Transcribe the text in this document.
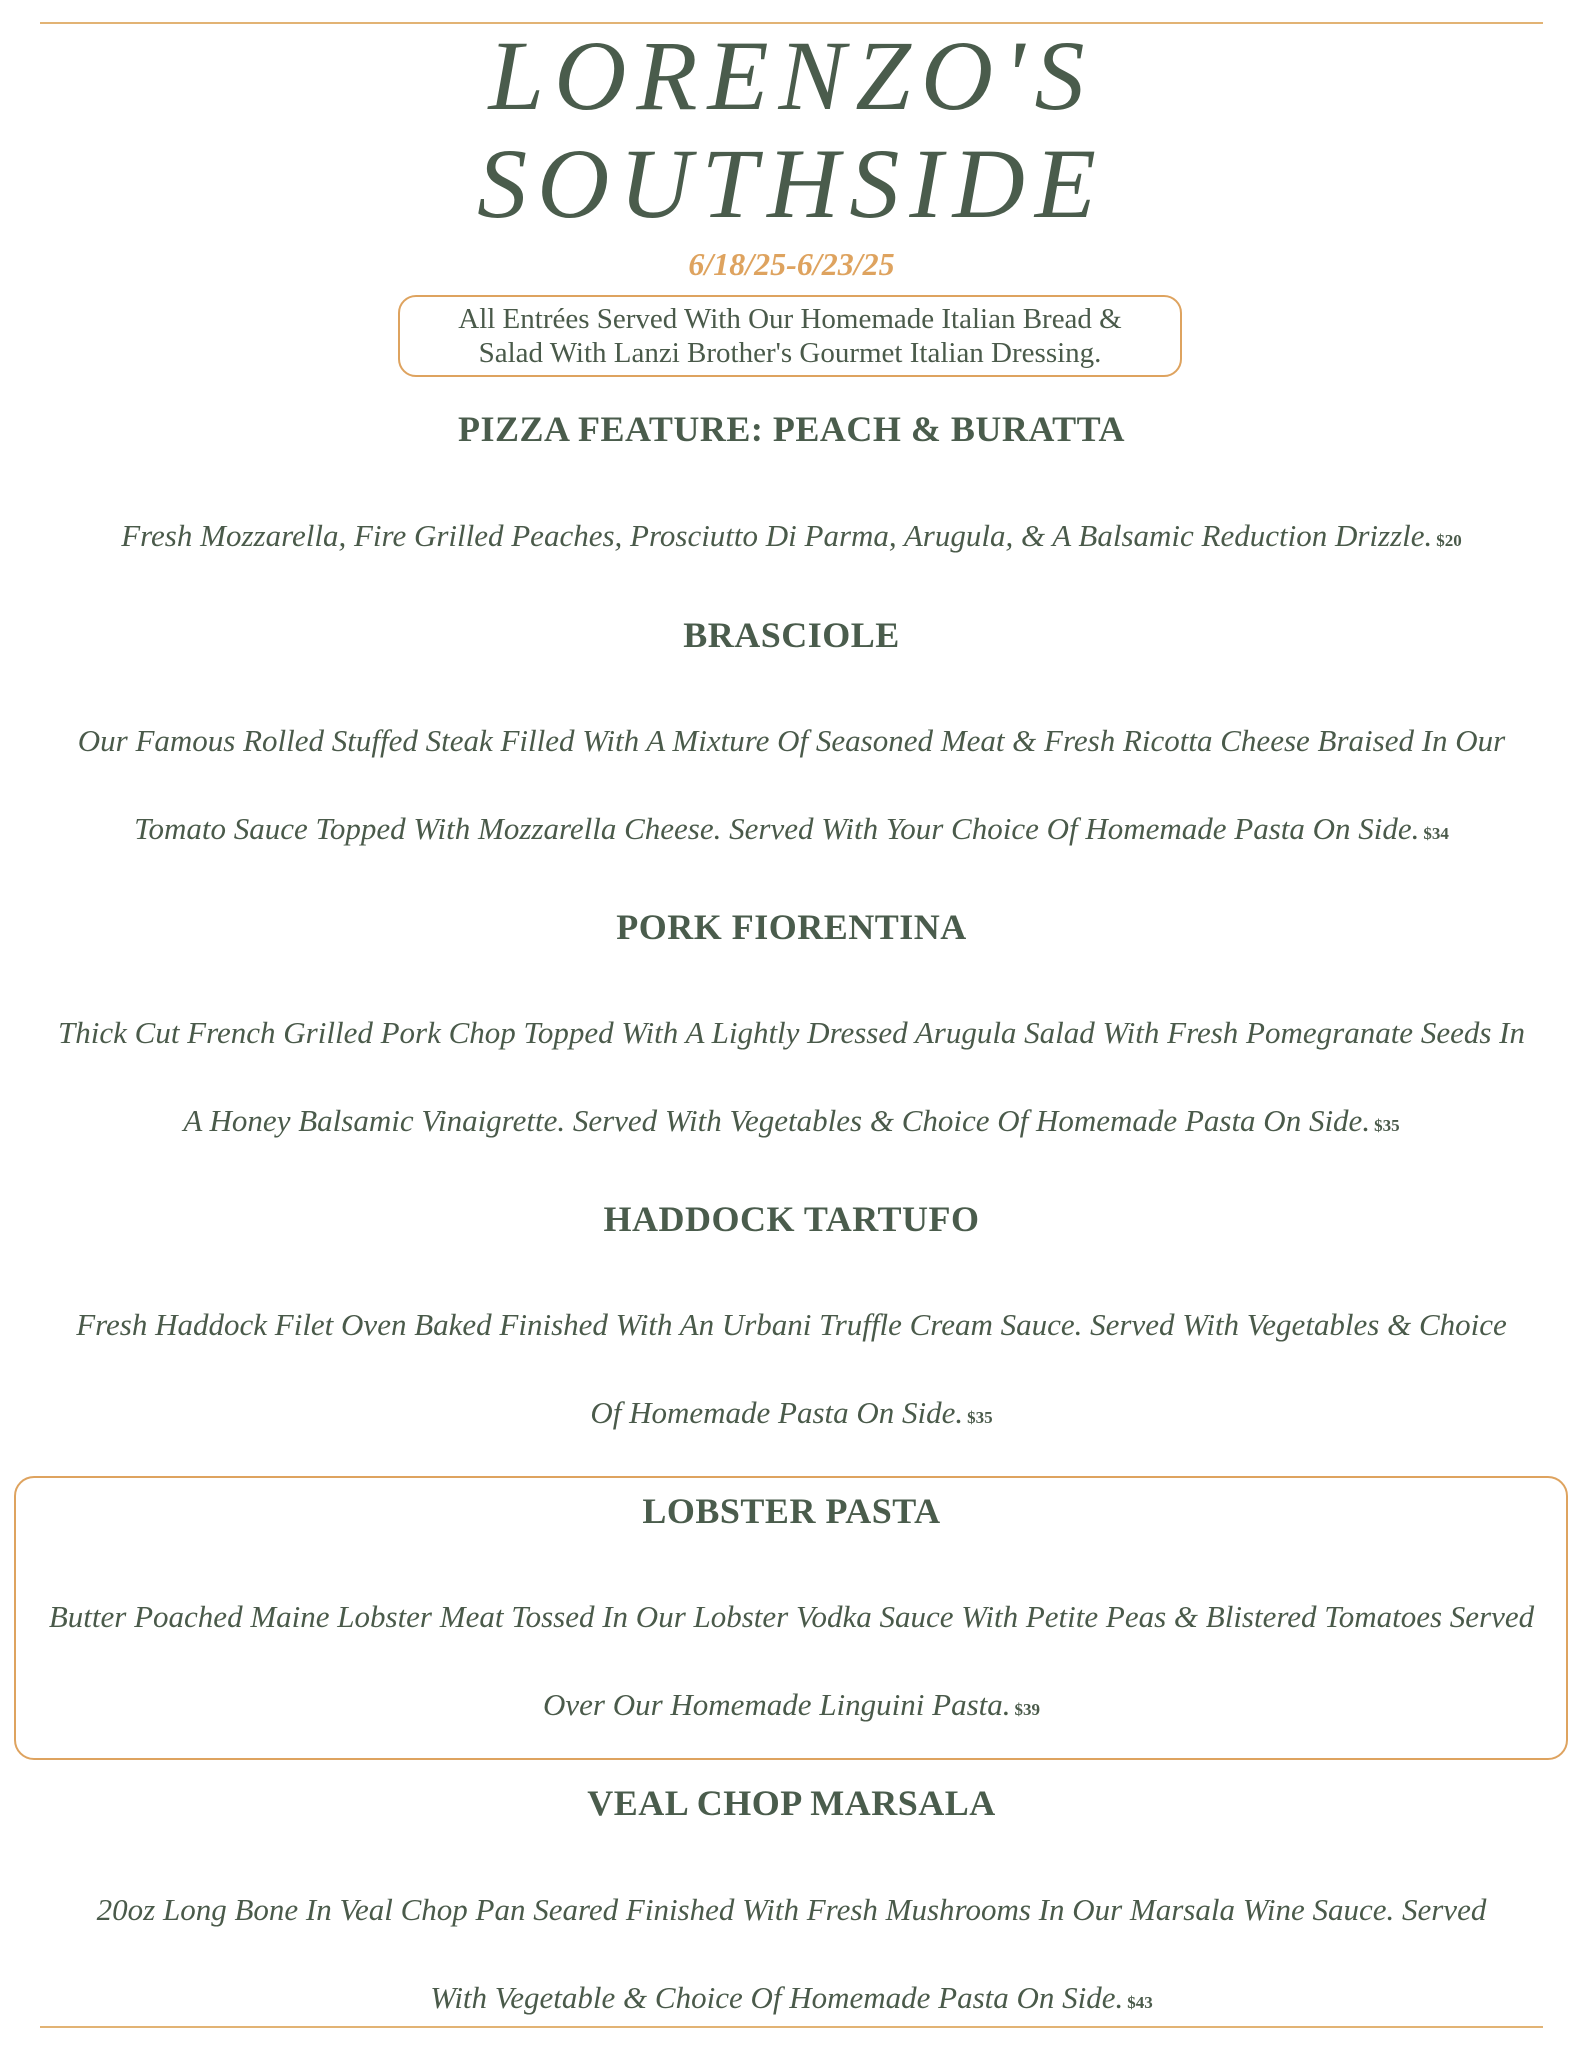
LORENZO'S
SOUTHSIDE
6/18/25-6/23/25
All Entrées Served With Our Homemade Italian Bread &
Salad With Lanzi Brother's Gourmet Italian Dressing.
PIZZA FEATURE: PEACH & BURATTA
Fresh Mozzarella, Fire Grilled Peaches, Prosciutto Di Parma, Arugula, & A Balsamic Reduction Drizzle. $20
BRASCIOLE
Our Famous Rolled Stuffed Steak Filled With A Mixture Of Seasoned Meat & Fresh Ricotta Cheese Braised In Our
Tomato Sauce Topped With Mozzarella Cheese. Served With Your Choice Of Homemade Pasta On Side. $34
PORK FIORENTINA
Thick Cut French Grilled Pork Chop Topped With A Lightly Dressed Arugula Salad With Fresh Pomegranate Seeds In
A Honey Balsamic Vinaigrette. Served With Vegetables & Choice Of Homemade Pasta On Side. $35
HADDOCK TARTUFO
Fresh Haddock Filet Oven Baked Finished With An Urbani Truffle Cream Sauce. Served With Vegetables & Choice
Of Homemade Pasta On Side. $35
LOBSTER PASTA
Butter Poached Maine Lobster Meat Tossed In Our Lobster Vodka Sauce With Petite Peas & Blistered Tomatoes Served
Over Our Homemade Linguini Pasta. $39
VEAL CHOP MARSALA
20oz Long Bone In Veal Chop Pan Seared Finished With Fresh Mushrooms In Our Marsala Wine Sauce. Served
With Vegetable & Choice Of Homemade Pasta On Side. $43
